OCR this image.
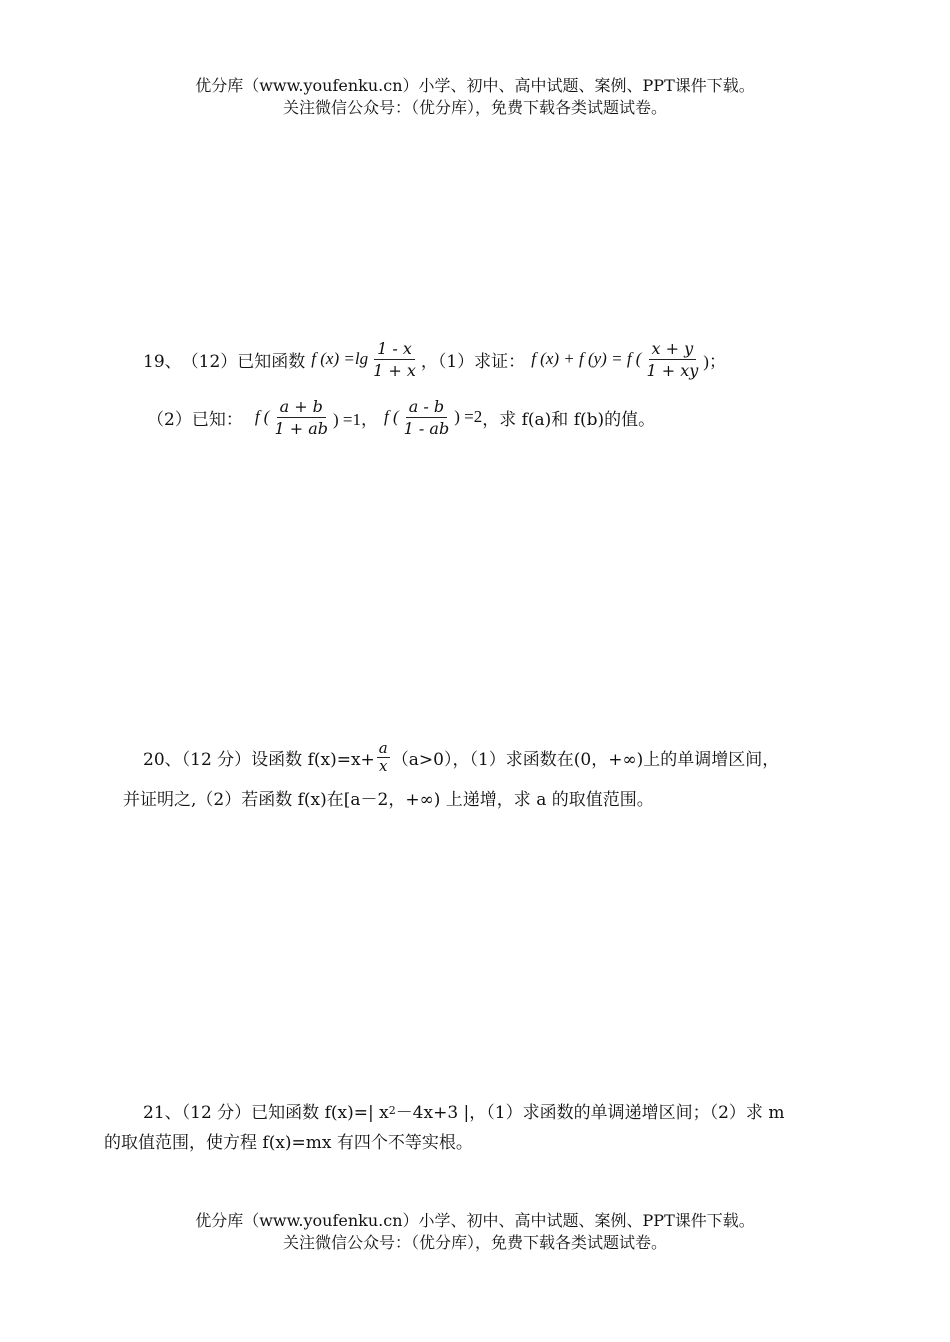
优分库（www.youfenku.cn）小学、初中、高中试题、案例、PPT课件下载。
关注微信公众号：（优分库），免费下载各类试题试卷。
19、 （12）已知函数 f $(x) =\lg \frac{1 - x}{1 + x}$ ，（1）求证： f (x) + f (y) = f ( $\frac{x + y}{1 + xy}$ )；
（2）已知： f ( $\frac{a + b}{1 + ab}$ ) =1， f ( $\frac{a - b}{1 - ab}$ ) =2 ，求 f(a)和 f(b)的值。
20、（12 分）设函数 $f(x)=x+ \frac{a}{x} (a>0)$，（1）求函数在(0，+∞)上的单调增区间，
并证明之,（2）若函数 f(x)在[a－2，+∞) 上递增，求 a 的取值范围。
21、（12 分）已知函数 f(x)=| x 2 －4x+3 |，（1）求函数的单调递增区间；（2）求 m
的取值范围，使方程 f(x)=mx 有四个不等实根。
优分库（www.youfenku.cn）小学、初中、高中试题、案例、PPT课件下载。
关注微信公众号：（优分库），免费下载各类试题试卷。
